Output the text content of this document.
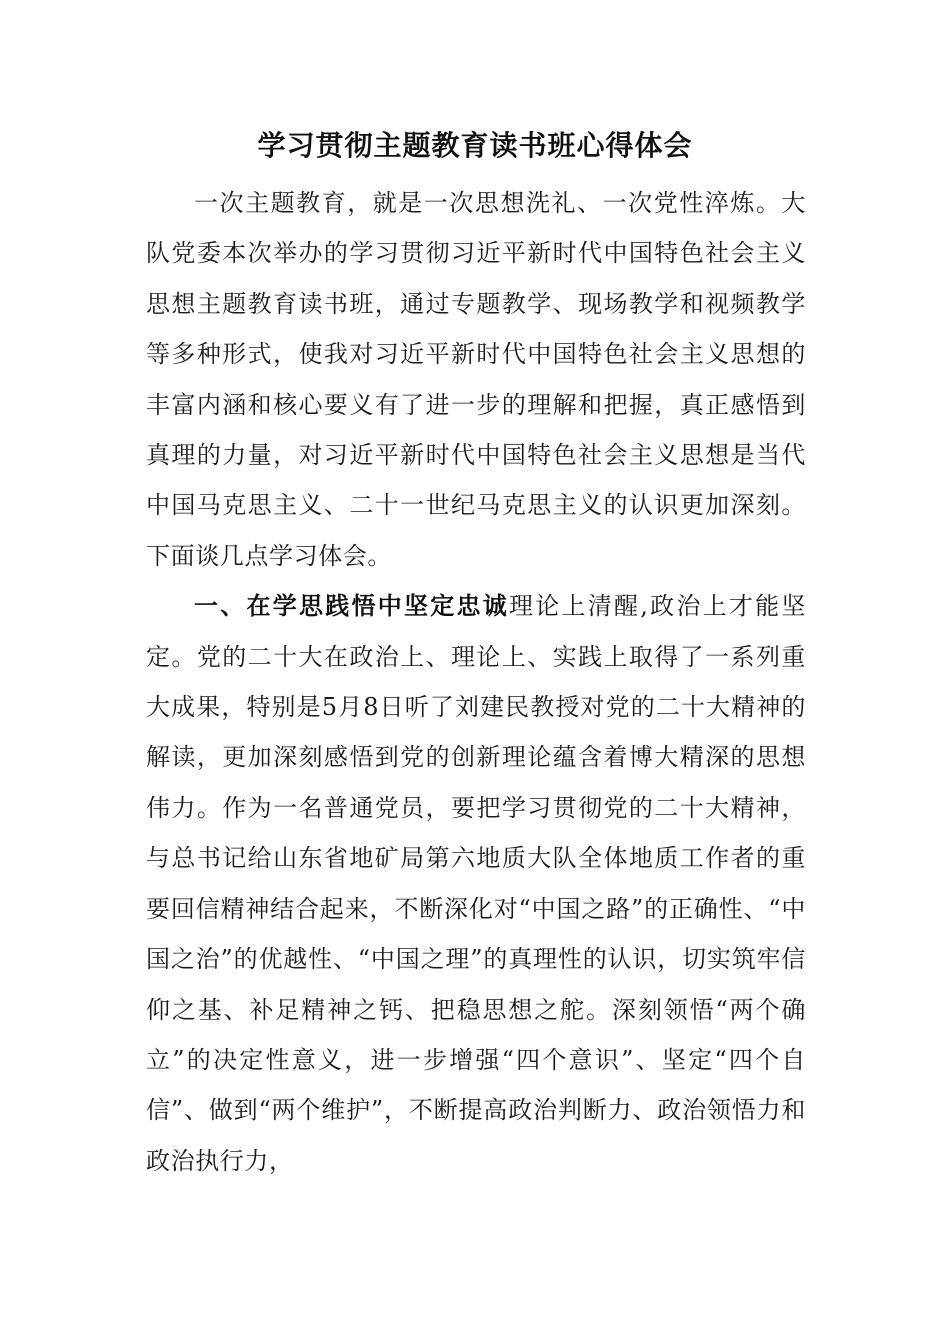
学习贯彻主题教育读书班心得体会

一次主题教育，就是一次思想洗礼、一次党性淬炼。大队党委本次举办的学习贯彻习近平新时代中国特色社会主义思想主题教育读书班，通过专题教学、现场教学和视频教学等多种形式，使我对习近平新时代中国特色社会主义思想的丰富内涵和核心要义有了进一步的理解和把握，真正感悟到真理的力量，对习近平新时代中国特色社会主义思想是当代中国马克思主义、二十一世纪马克思主义的认识更加深刻。下面谈几点学习体会。

一、在学思践悟中坚定忠诚理论上清醒,政治上才能坚定。党的二十大在政治上、理论上、实践上取得了一系列重大成果，特别是5月8日听了刘建民教授对党的二十大精神的解读，更加深刻感悟到党的创新理论蕴含着博大精深的思想伟力。作为一名普通党员，要把学习贯彻党的二十大精神，与总书记给山东省地矿局第六地质大队全体地质工作者的重要回信精神结合起来，不断深化对“中国之路”的正确性、“中国之治”的优越性、“中国之理”的真理性的认识，切实筑牢信仰之基、补足精神之钙、把稳思想之舵。深刻领悟“两个确立”的决定性意义，进一步增强“四个意识”、坚定“四个自信”、做到“两个维护”，不断提高政治判断力、政治领悟力和政治执行力，
